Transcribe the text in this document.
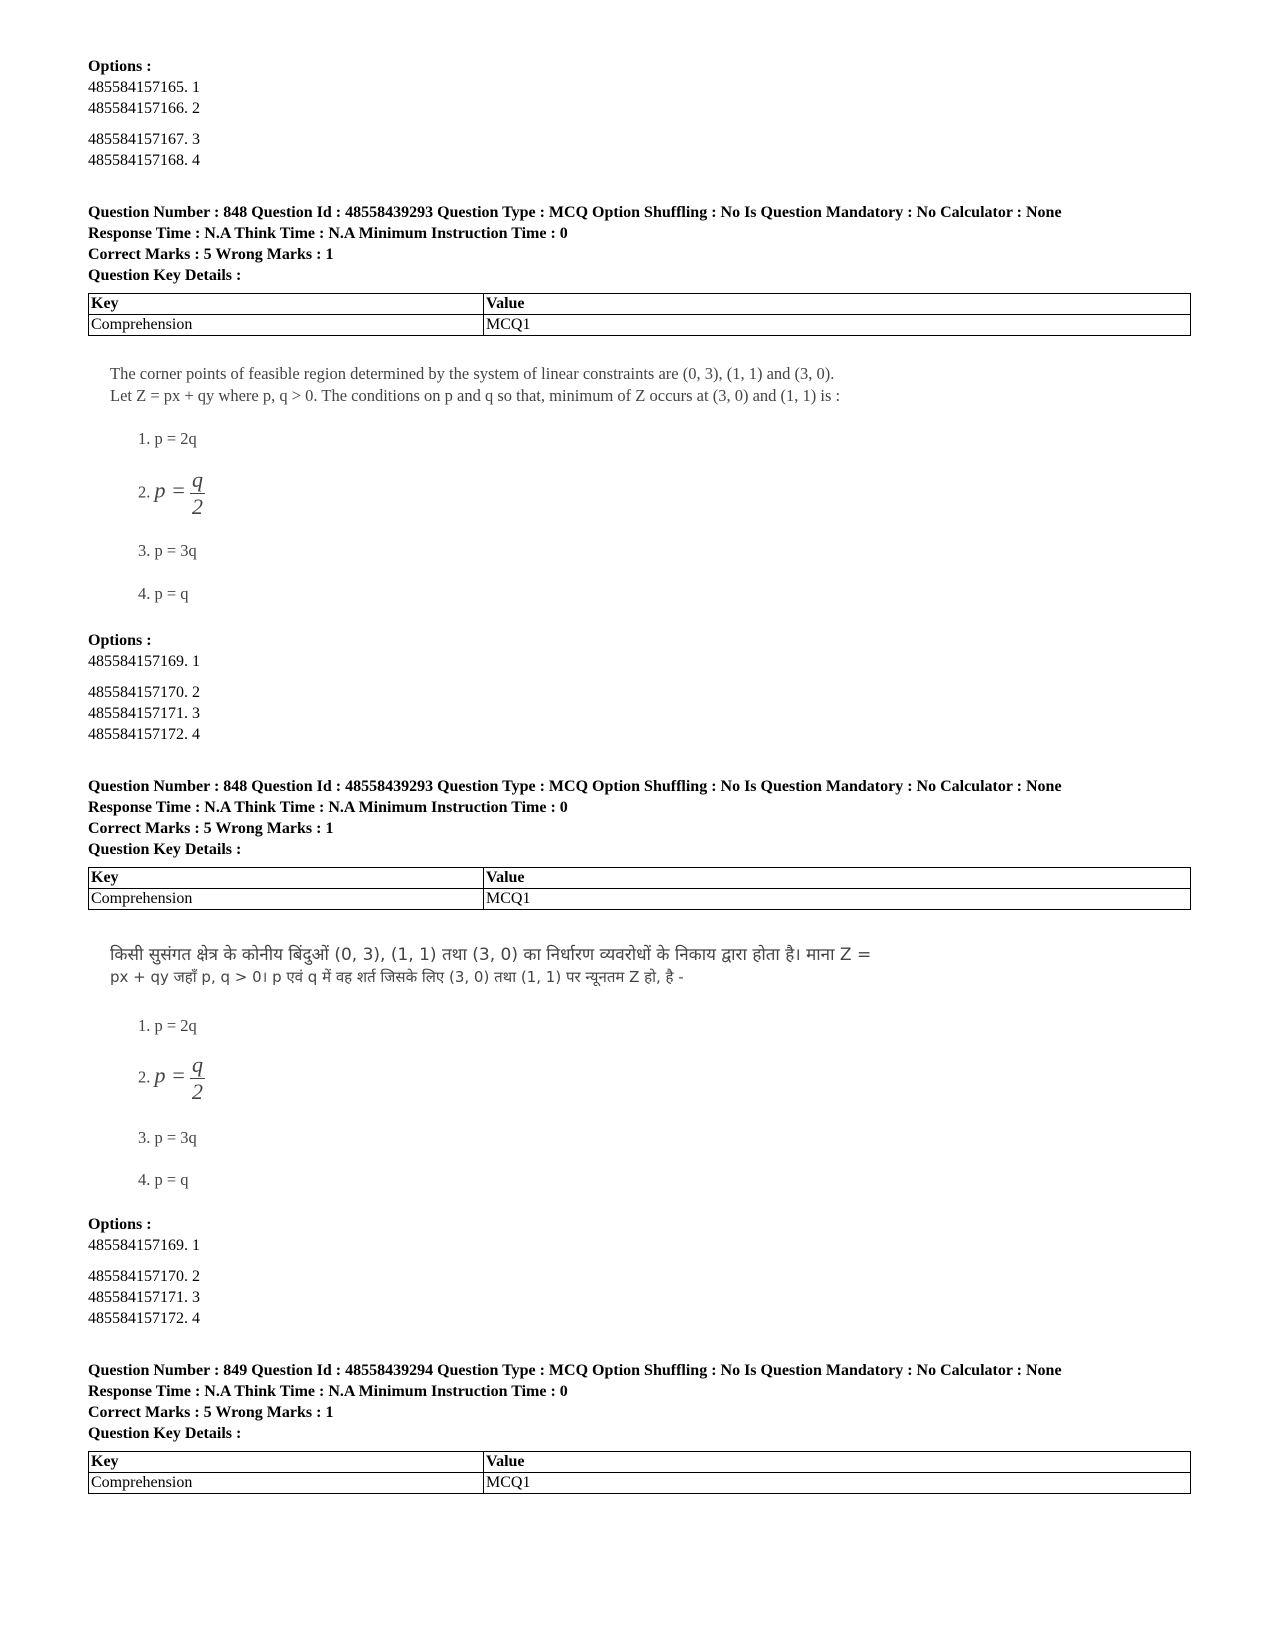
Options :
485584157165. 1
485584157166. 2
485584157167. 3
485584157168. 4
Question Number : 848 Question Id : 48558439293 Question Type : MCQ Option Shuffling : No Is Question Mandatory : No Calculator : None
Response Time : N.A Think Time : N.A Minimum Instruction Time : 0
Correct Marks : 5 Wrong Marks : 1
Question Key Details :
Key	Value
Comprehension	MCQ1
The corner points of feasible region determined by the system of linear constraints are (0, 3), (1, 1) and (3, 0).
Let Z = px + qy where p, q > 0. The conditions on p and q so that, minimum of Z occurs at (3, 0) and (1, 1) is :
1. p = 2q
2. $p = \frac{q}{2}$
3. p = 3q
4. p = q
Options :
485584157169. 1
485584157170. 2
485584157171. 3
485584157172. 4
Question Number : 848 Question Id : 48558439293 Question Type : MCQ Option Shuffling : No Is Question Mandatory : No Calculator : None
Response Time : N.A Think Time : N.A Minimum Instruction Time : 0
Correct Marks : 5 Wrong Marks : 1
Question Key Details :
Key	Value
Comprehension	MCQ1
किसी सुसंगत क्षेत्र के कोनीय बिंदुओं (0, 3), (1, 1) तथा (3, 0) का निर्धारण व्यवरोधों के निकाय द्वारा होता है। माना Z =
px + qy जहाँ p, q > 0। p एवं q में वह शर्त जिसके लिए (3, 0) तथा (1, 1) पर न्यूनतम Z हो, है -
1. p = 2q
2. $p = \frac{q}{2}$
3. p = 3q
4. p = q
Options :
485584157169. 1
485584157170. 2
485584157171. 3
485584157172. 4
Question Number : 849 Question Id : 48558439294 Question Type : MCQ Option Shuffling : No Is Question Mandatory : No Calculator : None
Response Time : N.A Think Time : N.A Minimum Instruction Time : 0
Correct Marks : 5 Wrong Marks : 1
Question Key Details :
Key	Value
Comprehension	MCQ1
